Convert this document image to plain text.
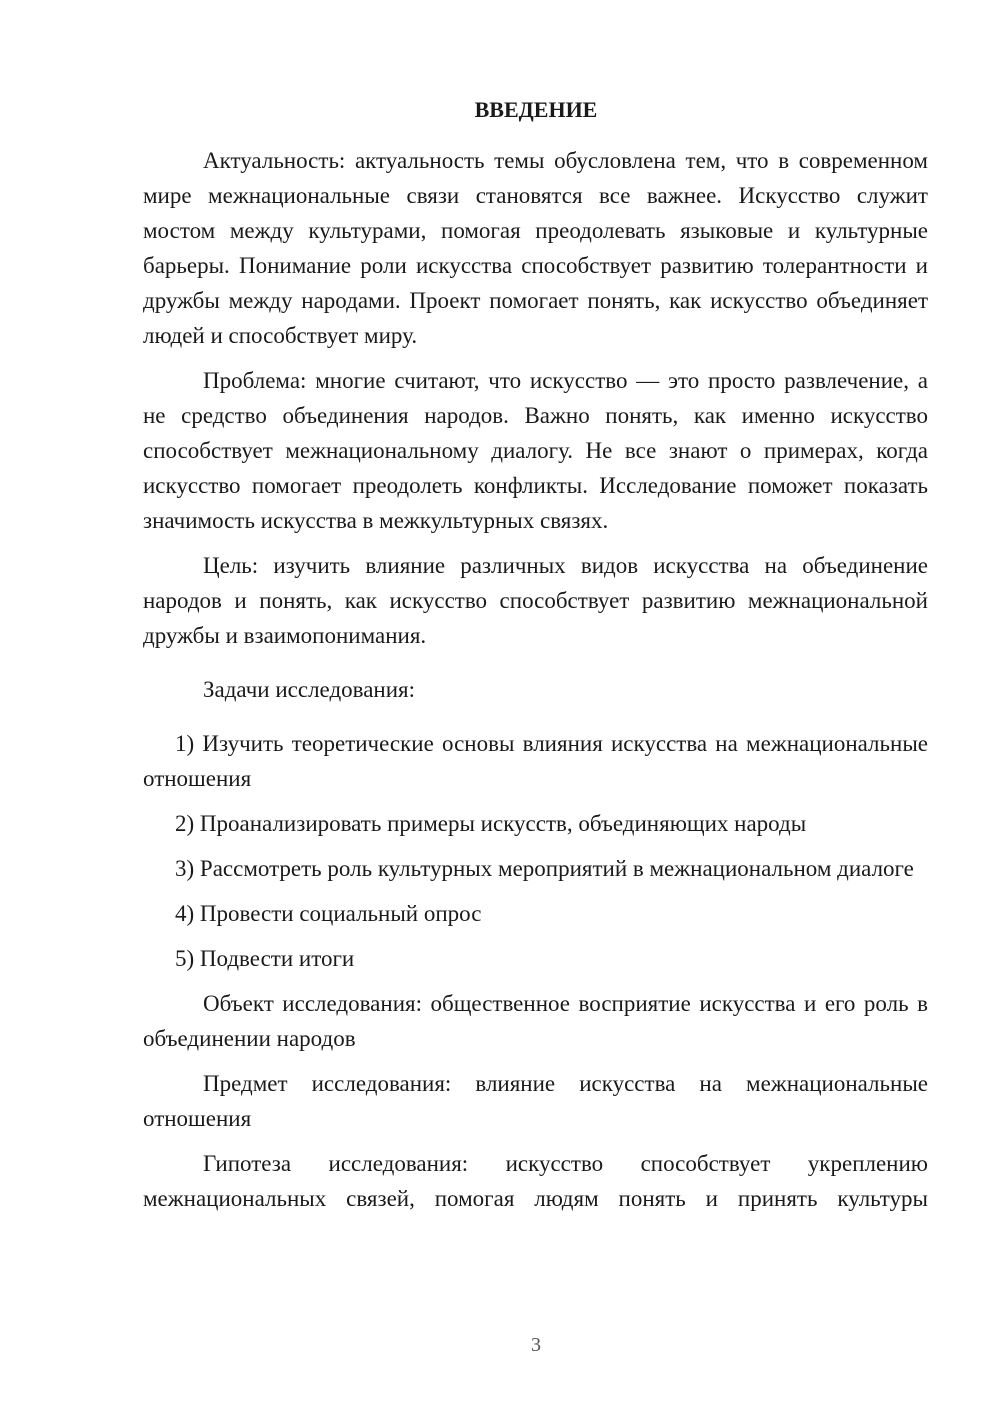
ВВЕДЕНИЕ

Актуальность: актуальность темы обусловлена тем, что в современном мире межнациональные связи становятся все важнее. Искусство служит мостом между культурами, помогая преодолевать языковые и культурные барьеры. Понимание роли искусства способствует развитию толерантности и дружбы между народами. Проект помогает понять, как искусство объединяет людей и способствует миру.

Проблема: многие считают, что искусство — это просто развлечение, а не средство объединения народов. Важно понять, как именно искусство способствует межнациональному диалогу. Не все знают о примерах, когда искусство помогает преодолеть конфликты. Исследование поможет показать значимость искусства в межкультурных связях.

Цель: изучить влияние различных видов искусства на объединение народов и понять, как искусство способствует развитию межнациональной дружбы и взаимопонимания.

Задачи исследования:

1) Изучить теоретические основы влияния искусства на межнациональные отношения

2) Проанализировать примеры искусств, объединяющих народы

3) Рассмотреть роль культурных мероприятий в межнациональном диалоге

4) Провести социальный опрос

5) Подвести итоги

Объект исследования: общественное восприятие искусства и его роль в объединении народов

Предмет исследования: влияние искусства на межнациональные отношения

Гипотеза исследования: искусство способствует укреплению межнациональных связей, помогая людям понять и принять культуры

3
